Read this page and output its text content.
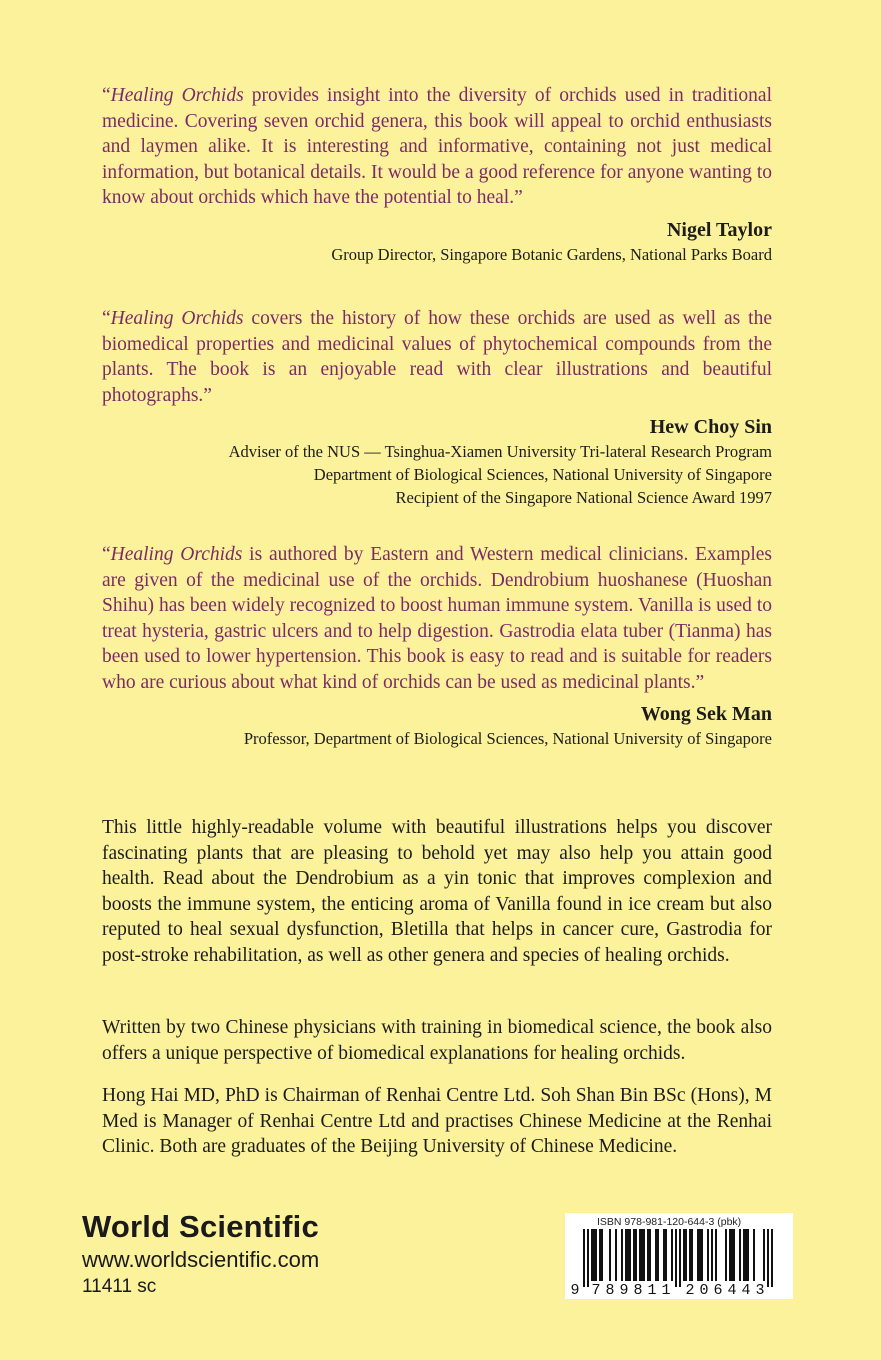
“Healing Orchids provides insight into the diversity of orchids used in traditional medicine. Covering seven orchid genera, this book will appeal to orchid enthusiasts and laymen alike. It is interesting and informative, containing not just medical information, but botanical details. It would be a good reference for anyone wanting to know about orchids which have the potential to heal.”

Nigel Taylor
Group Director, Singapore Botanic Gardens, National Parks Board

“Healing Orchids covers the history of how these orchids are used as well as the biomedical properties and medicinal values of phytochemical compounds from the plants. The book is an enjoyable read with clear illustrations and beautiful photographs.”

Hew Choy Sin
Adviser of the NUS — Tsinghua-Xiamen University Tri-lateral Research Program
Department of Biological Sciences, National University of Singapore
Recipient of the Singapore National Science Award 1997

“Healing Orchids is authored by Eastern and Western medical clinicians. Examples are given of the medicinal use of the orchids. Dendrobium huoshanese (Huoshan Shihu) has been widely recognized to boost human immune system. Vanilla is used to treat hysteria, gastric ulcers and to help digestion. Gastrodia elata tuber (Tianma) has been used to lower hypertension. This book is easy to read and is suitable for readers who are curious about what kind of orchids can be used as medicinal plants.”

Wong Sek Man
Professor, Department of Biological Sciences, National University of Singapore

This little highly-readable volume with beautiful illustrations helps you discover fascinating plants that are pleasing to behold yet may also help you attain good health. Read about the Dendrobium as a yin tonic that improves complexion and boosts the immune system, the enticing aroma of Vanilla found in ice cream but also reputed to heal sexual dysfunction, Bletilla that helps in cancer cure, Gastrodia for post-stroke rehabilitation, as well as other genera and species of healing orchids.

Written by two Chinese physicians with training in biomedical science, the book also offers a unique perspective of biomedical explanations for healing orchids.

Hong Hai MD, PhD is Chairman of Renhai Centre Ltd. Soh Shan Bin BSc (Hons), M Med is Manager of Renhai Centre Ltd and practises Chinese Medicine at the Renhai Clinic. Both are graduates of the Beijing University of Chinese Medicine.

World Scientific
www.worldscientific.com
11411 sc
ISBN 978-981-120-644-3 (pbk)
9 7 8 9 8 1 1 2 0 6 4 4 3
